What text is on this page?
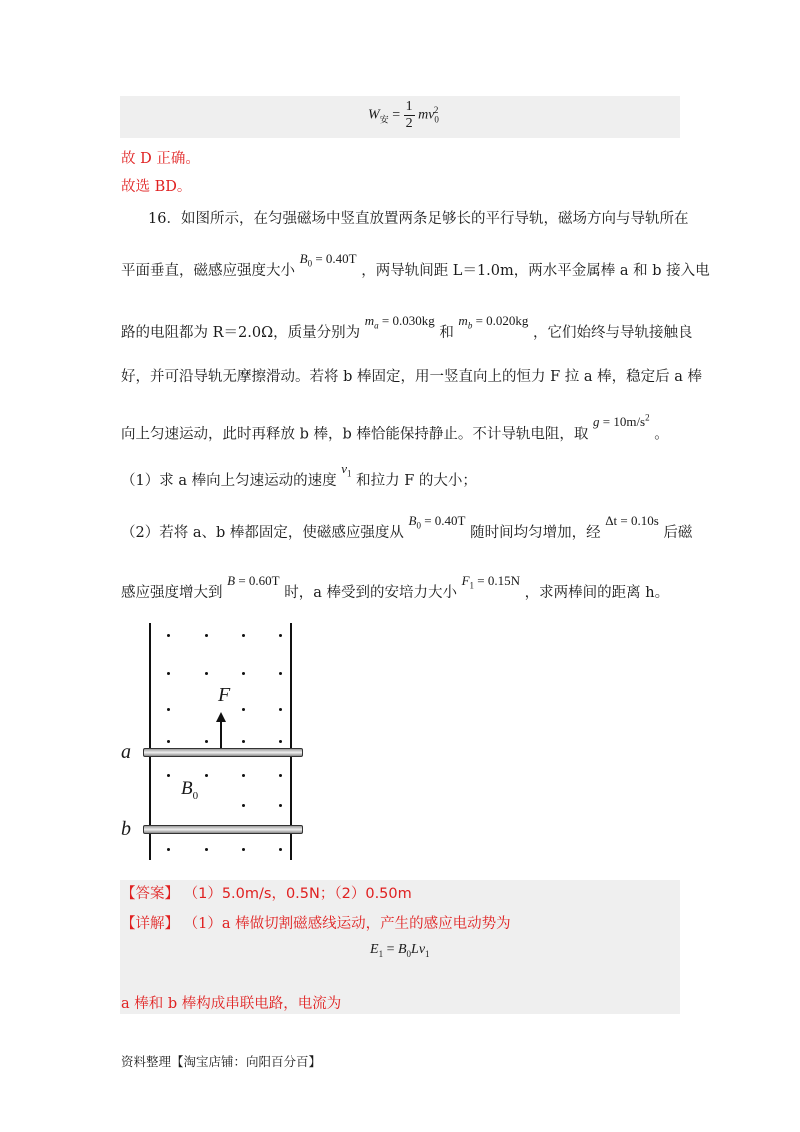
$W_安 = \frac{1}{2} mv_0^2$
故 D 正确。
故选 BD。
16．如图所示，在匀强磁场中竖直放置两条足够长的平行导轨，磁场方向与导轨所在
平面垂直，磁感应强度大小 $B_0 = 0.40T$ ，两导轨间距 L＝1.0m，两水平金属棒 a 和 b 接入电
路的电阻都为 R＝2.0Ω，质量分别为 $m_a = 0.030kg$ 和 $m_b = 0.020kg$ ，它们始终与导轨接触良
好，并可沿导轨无摩擦滑动。若将 b 棒固定，用一竖直向上的恒力 F 拉 a 棒，稳定后 a 棒
向上匀速运动，此时再释放 b 棒，b 棒恰能保持静止。不计导轨电阻，取 $g = 10m/s^2$ 。
（1）求 a 棒向上匀速运动的速度 $v_1$ 和拉力 F 的大小；
（2）若将 a、b 棒都固定，使磁感应强度从 $B_0 = 0.40T$ 随时间均匀增加，经 Δt = 0.10s 后磁
感应强度增大到 B = 0.60T 时，a 棒受到的安培力大小 $F_1 = 0.15N$ ，求两棒间的距离 h。
F
$B_0$
a
b
【答案】 （1）5.0m/s，0.5N；（2）0.50m
【详解】 （1）a 棒做切割磁感线运动，产生的感应电动势为
$E_1 = B_0Lv_1$
a 棒和 b 棒构成串联电路，电流为
资料整理【淘宝店铺：向阳百分百】
